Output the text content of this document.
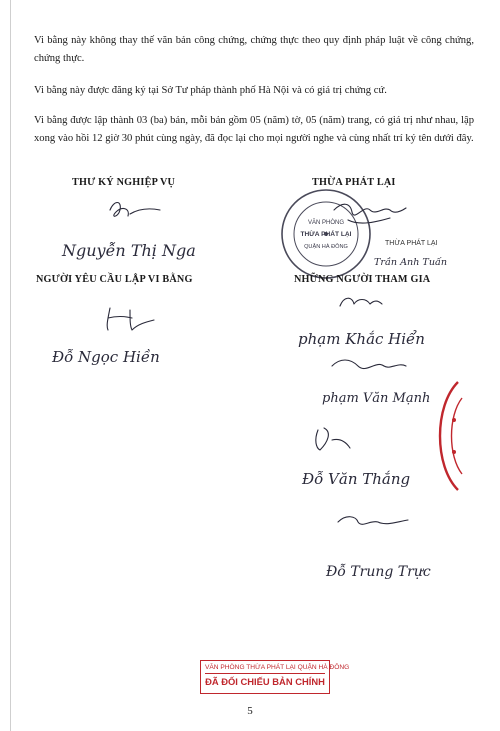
Vi bằng này không thay thế văn bản công chứng, chứng thực theo quy định pháp luật về công chứng, chứng thực.

Vi bằng này được đăng ký tại Sở Tư pháp thành phố Hà Nội và có giá trị chứng cứ.

Vi bằng được lập thành 03 (ba) bản, mỗi bản gồm 05 (năm) tờ, 05 (năm) trang, có giá trị như nhau, lập xong vào hồi 12 giờ 30 phút cùng ngày, đã đọc lại cho mọi người nghe và cùng nhất trí ký tên dưới đây.

THƯ KÝ NGHIỆP VỤ	THỪA PHÁT LẠI
Nguyễn Thị Nga
VĂN PHÒNG
THỪA PHÁT LẠI
QUẬN HÀ ĐÔNG	THỪA PHÁT LẠI
Trần Anh Tuấn
NGƯỜI YÊU CẦU LẬP VI BẰNG	NHỮNG NGƯỜI THAM GIA
Đỗ Ngọc Hiền
phạm Khắc Hiển
phạm Văn Mạnh
Đỗ Văn Thắng
Đỗ Trung Trực
VĂN PHÒNG THỪA PHÁT LẠI QUẬN HÀ ĐÔNG
ĐÃ ĐỐI CHIẾU BẢN CHÍNH
5
